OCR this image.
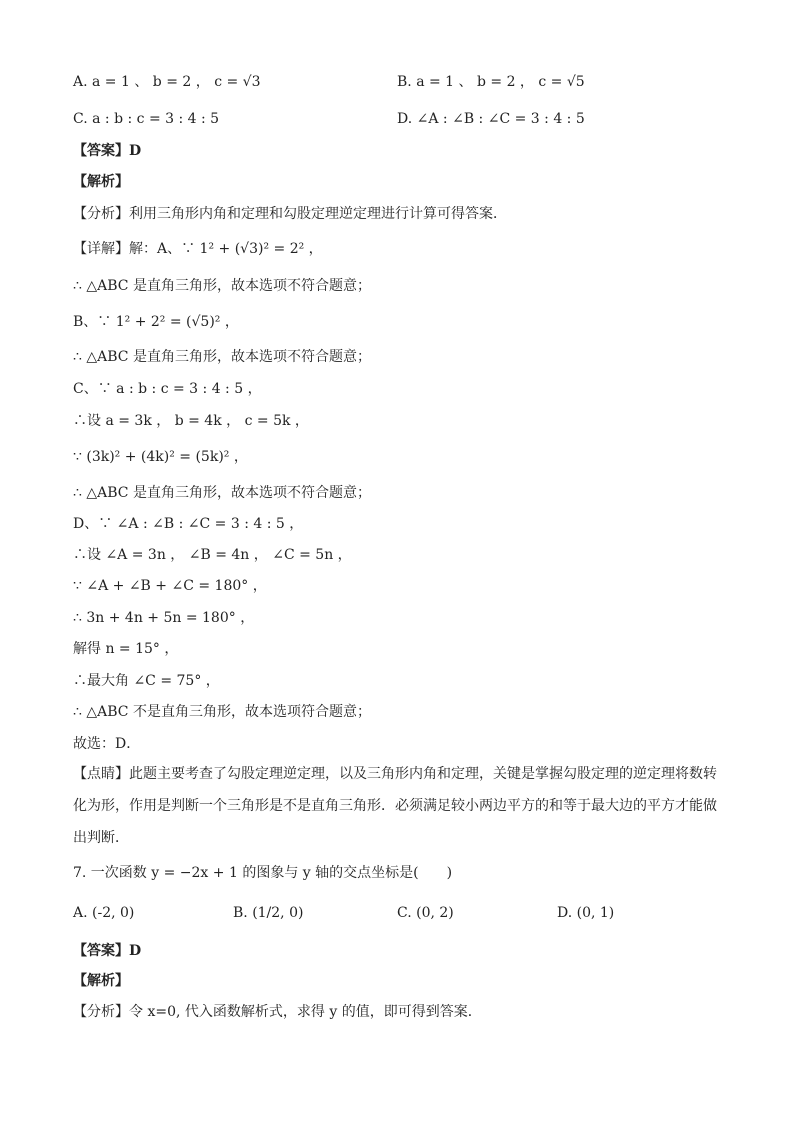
A. a = 1 、 b = 2 ， c = √3	B. a = 1 、 b = 2 ， c = √5
C. a : b : c = 3 : 4 : 5	D. ∠A : ∠B : ∠C = 3 : 4 : 5
【答案】D
【解析】
【分析】利用三角形内角和定理和勾股定理逆定理进行计算可得答案．
【详解】解：A、∵ 1² + (√3)² = 2² ，
∴ △ABC 是直角三角形，故本选项不符合题意；
B、∵ 1² + 2² = (√5)² ，
∴ △ABC 是直角三角形，故本选项不符合题意；
C、∵ a : b : c = 3 : 4 : 5 ，
∴设 a = 3k ， b = 4k ， c = 5k ，
∵ (3k)² + (4k)² = (5k)² ，
∴ △ABC 是直角三角形，故本选项不符合题意；
D、∵ ∠A : ∠B : ∠C = 3 : 4 : 5 ，
∴设 ∠A = 3n ， ∠B = 4n ， ∠C = 5n ，
∵ ∠A + ∠B + ∠C = 180° ，
∴ 3n + 4n + 5n = 180° ，
解得 n = 15° ，
∴最大角 ∠C = 75° ，
∴ △ABC 不是直角三角形，故本选项符合题意；
故选：D．
【点睛】此题主要考查了勾股定理逆定理，以及三角形内角和定理，关键是掌握勾股定理的逆定理将数转化为形，作用是判断一个三角形是不是直角三角形．必须满足较小两边平方的和等于最大边的平方才能做出判断．
7. 一次函数 y = −2x + 1 的图象与 y 轴的交点坐标是(　　)
A. (-2, 0)	B. (1/2, 0)	C. (0, 2)	D. (0, 1)
【答案】D
【解析】
【分析】令 x=0, 代入函数解析式，求得 y 的值，即可得到答案．
